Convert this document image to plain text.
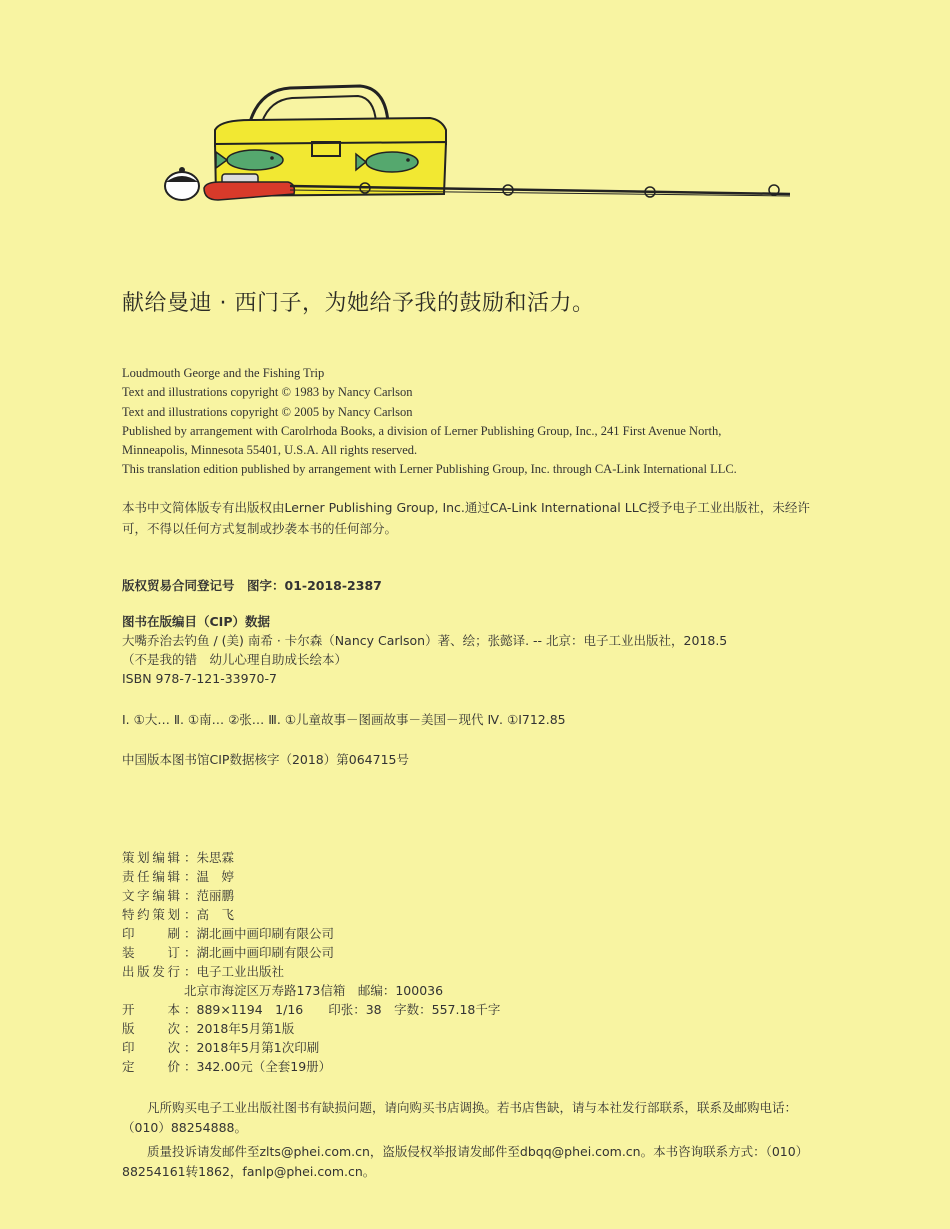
献给曼迪 · 西门子，为她给予我的鼓励和活力。
Loudmouth George and the Fishing Trip
Text and illustrations copyright © 1983 by Nancy Carlson
Text and illustrations copyright © 2005 by Nancy Carlson
Published by arrangement with Carolrhoda Books, a division of Lerner Publishing Group, Inc., 241 First Avenue North,
Minneapolis, Minnesota 55401, U.S.A. All rights reserved.
This translation edition published by arrangement with Lerner Publishing Group, Inc. through CA-Link International LLC.
本书中文简体版专有出版权由Lerner Publishing Group, Inc.通过CA-Link International LLC授予电子工业出版社，未经许可，不得以任何方式复制或抄袭本书的任何部分。
版权贸易合同登记号　图字：01-2018-2387
图书在版编目（CIP）数据
大嘴乔治去钓鱼 / (美) 南希 · 卡尔森（Nancy Carlson）著、绘；张懿译. -- 北京：电子工业出版社，2018.5
（不是我的错　幼儿心理自助成长绘本）
ISBN 978-7-121-33970-7
Ⅰ. ①大… Ⅱ. ①南… ②张… Ⅲ. ①儿童故事－图画故事－美国－现代 Ⅳ. ①I712.85
中国版本图书馆CIP数据核字（2018）第064715号
策划编辑 ： 朱思霖
责任编辑 ： 温　婷
文字编辑 ： 范丽鹏
特约策划 ： 高　飞
印刷 ： 湖北画中画印刷有限公司
装订 ： 湖北画中画印刷有限公司
出版发行 ： 电子工业出版社

北京市海淀区万寿路173信箱　邮编：100036
开本 ： 889×1194　1/16　　印张：38　字数：557.18千字
版次 ： 2018年5月第1版
印次 ： 2018年5月第1次印刷
定价 ： 342.00元（全套19册）

凡所购买电子工业出版社图书有缺损问题，请向购买书店调换。若书店售缺，请与本社发行部联系，联系及邮购电话：（010）88254888。

质量投诉请发邮件至zlts@phei.com.cn，盗版侵权举报请发邮件至dbqq@phei.com.cn。本书咨询联系方式：（010）88254161转1862，fanlp@phei.com.cn。
